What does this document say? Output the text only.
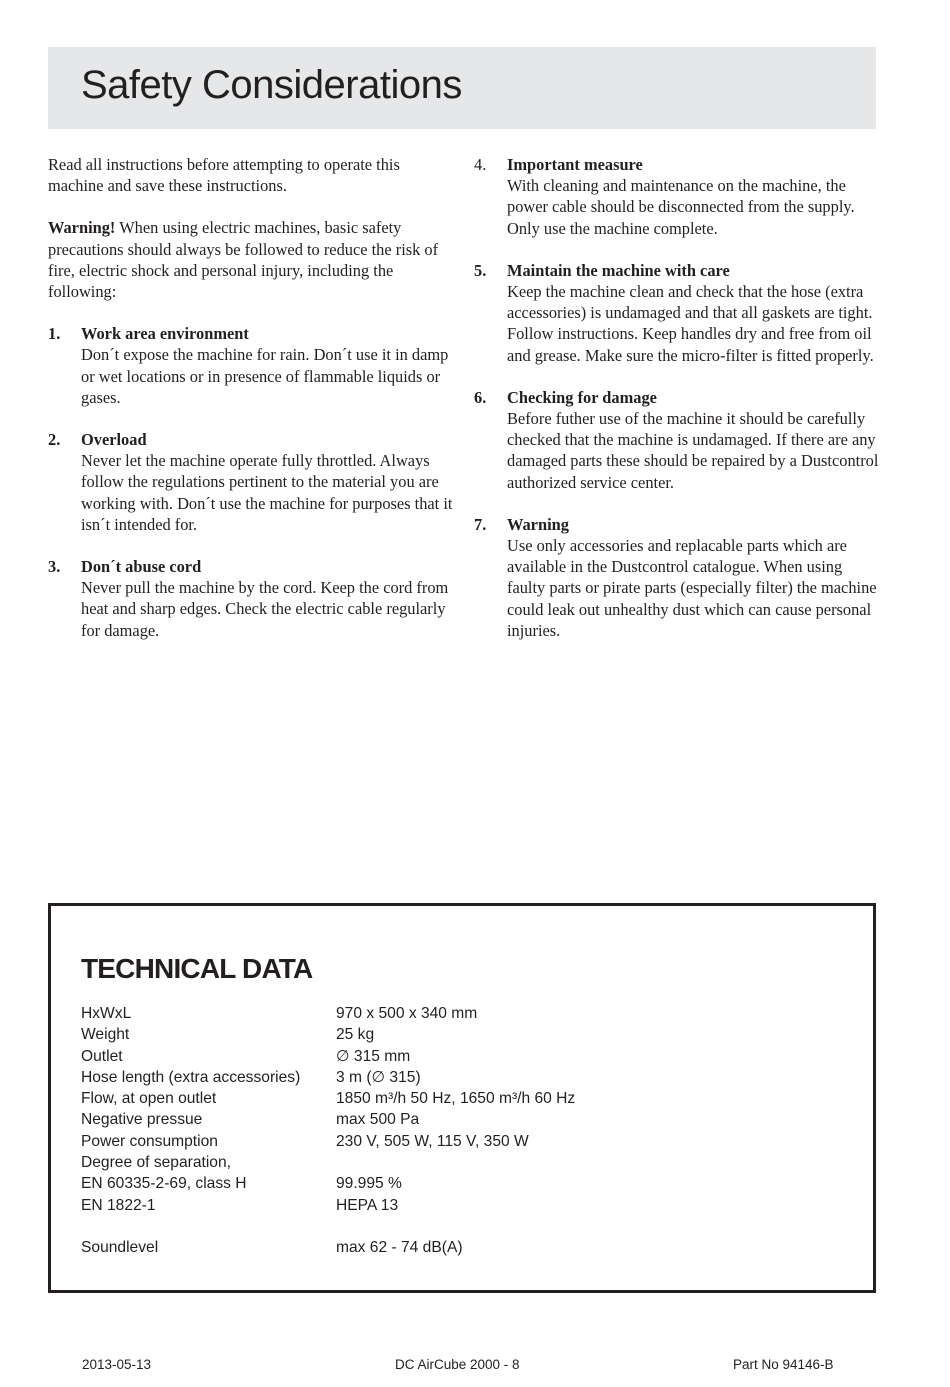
Safety Considerations

Read all instructions before attempting to operate this machine and save these instructions.

Warning! When using electric machines, basic safety precautions should always be followed to reduce the risk of fire, electric shock and personal injury, including the following:

1. Work area environment
Don´t expose the machine for rain. Don´t use it in damp or wet locations or in presence of flammable liquids or gases.
2. Overload
Never let the machine operate fully throttled. Always follow the regulations pertinent to the material you are working with. Don´t use the machine for purposes that it isn´t intended for.
3. Don´t abuse cord
Never pull the machine by the cord. Keep the cord from heat and sharp edges. Check the electric cable regularly for damage.
4. Important measure
With cleaning and maintenance on the machine, the power cable should be disconnected from the supply. Only use the machine complete.
5. Maintain the machine with care
Keep the machine clean and check that the hose (extra accessories) is undamaged and that all gaskets are tight. Follow instructions. Keep handles dry and free from oil and grease. Make sure the micro-filter is fitted properly.
6. Checking for damage
Before futher use of the machine it should be carefully checked that the machine is undamaged. If there are any damaged parts these should be repaired by a Dustcontrol authorized service center.
7. Warning
Use only accessories and replacable parts which are available in the Dustcontrol catalogue. When using faulty parts or pirate parts (especially filter) the machine could leak out unhealthy dust which can cause personal injuries.
TECHNICAL DATA
HxWxL	970 x 500 x 340 mm
Weight	25 kg
Outlet	∅ 315 mm
Hose length (extra accessories) 3 m (∅ 315)
Flow, at open outlet	1850 m³/h 50 Hz, 1650 m³/h 60 Hz
Negative pressue	max 500 Pa
Power consumption	230 V, 505 W, 115 V, 350 W
Degree of separation,
EN 60335-2-69, class H	99.995 %
EN 1822-1	HEPA 13
Soundlevel	max 62 - 74 dB(A)
2013-05-13	DC AirCube 2000 - 8	Part No 94146-B
